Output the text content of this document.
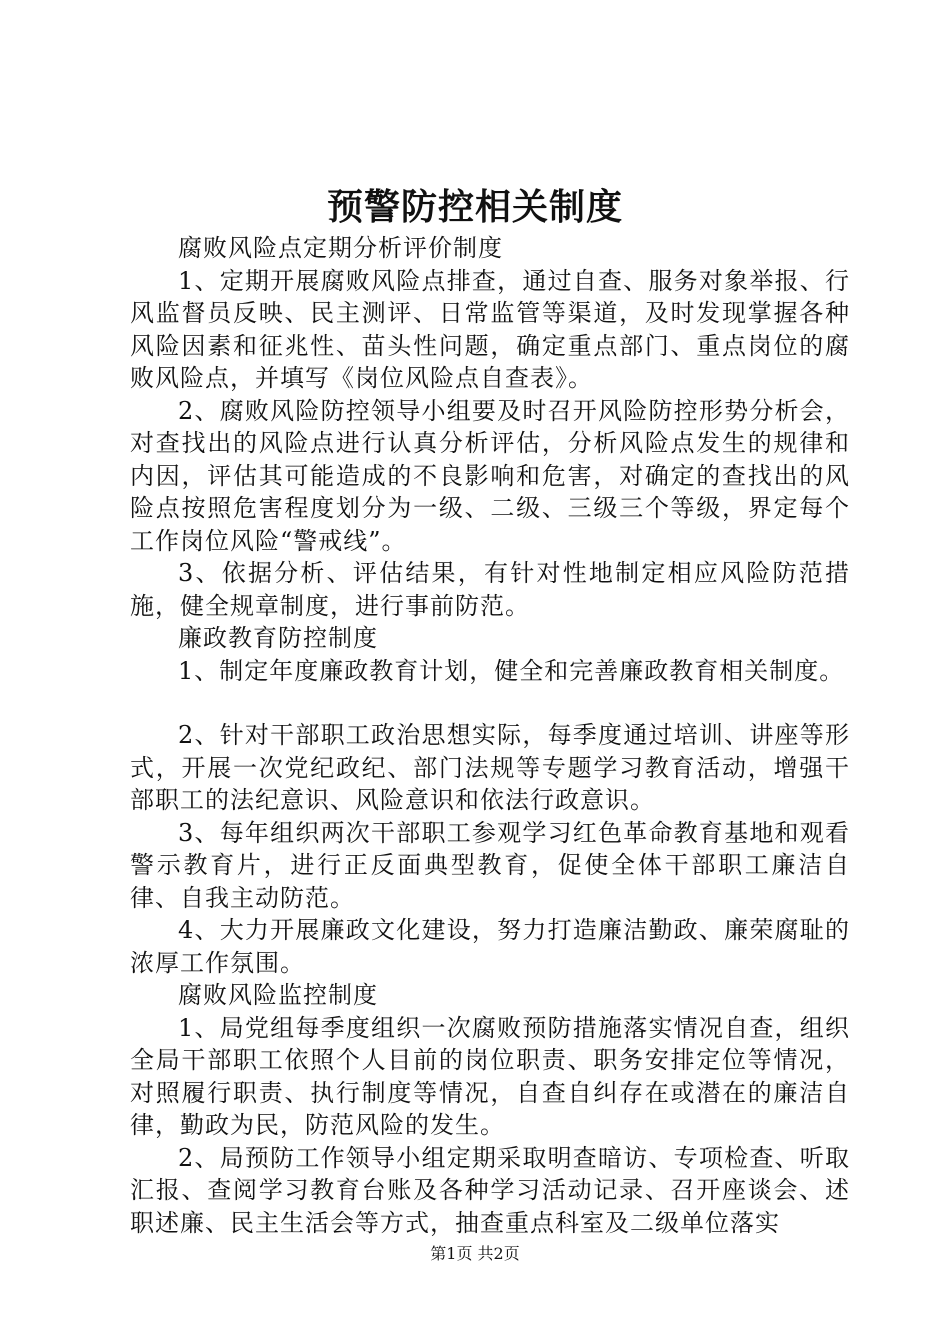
预警防控相关制度

腐败风险点定期分析评价制度

1、定期开展腐败风险点排查，通过自查、服务对象举报、行风监督员反映、民主测评、日常监管等渠道，及时发现掌握各种风险因素和征兆性、苗头性问题，确定重点部门、重点岗位的腐败风险点，并填写《岗位风险点自查表》。

2、腐败风险防控领导小组要及时召开风险防控形势分析会，对查找出的风险点进行认真分析评估，分析风险点发生的规律和内因，评估其可能造成的不良影响和危害，对确定的查找出的风险点按照危害程度划分为一级、二级、三级三个等级，界定每个工作岗位风险“警戒线”。

3、依据分析、评估结果，有针对性地制定相应风险防范措施，健全规章制度，进行事前防范。

廉政教育防控制度

1、制定年度廉政教育计划，健全和完善廉政教育相关制度。

2、针对干部职工政治思想实际，每季度通过培训、讲座等形式，开展一次党纪政纪、部门法规等专题学习教育活动，增强干部职工的法纪意识、风险意识和依法行政意识。

3、每年组织两次干部职工参观学习红色革命教育基地和观看警示教育片，进行正反面典型教育，促使全体干部职工廉洁自律、自我主动防范。

4、大力开展廉政文化建设，努力打造廉洁勤政、廉荣腐耻的浓厚工作氛围。

腐败风险监控制度

1、局党组每季度组织一次腐败预防措施落实情况自查，组织全局干部职工依照个人目前的岗位职责、职务安排定位等情况，对照履行职责、执行制度等情况，自查自纠存在或潜在的廉洁自律，勤政为民，防范风险的发生。

2、局预防工作领导小组定期采取明查暗访、专项检查、听取汇报、查阅学习教育台账及各种学习活动记录、召开座谈会、述职述廉、民主生活会等方式，抽查重点科室及二级单位落实

第1页 共2页
